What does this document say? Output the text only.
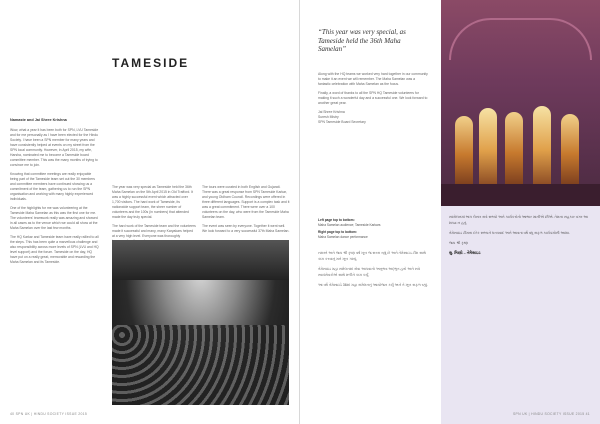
TAMESIDE

Namaste and Jai Shree Krishna

Wow, what a year it has been both for SPN, LVU Tameside and for me personally as I have been elected for the Hindu Society. I have been a SPN member for many years and have consistently helped at events on my street from the SPN local community. However, in April 2015, my wife, Harsha, nominated me to become a Tameside board committee member. This was the many months of trying to convince me to join.

Knowing that committee meetings are really enjoyable being part of the Tameside team set out the 30 members and committee members have continued showing us a commitment of the team, gathering us to run the SPN organisation and working with many highly experienced individuals.

One of the highlights for me was volunteering at the Tameside Maha Samelan as this was the first one for me. The volunteers' teamwork really was amazing and showed in all cases as to the venue which we could all show at the Maha Samelan over the last few months.

The HQ Karkar and Tameside team have really rallied to all the steps. This has been quite a marvellous challenge and also responsibility across more levels of SPN (LVU and HQ level support) and the forum. Tameside on the day, HQ have put on a really great, memorable and rewarding the Maha Samelan and its Tameside.

The year was very special as Tameside held the 36th Maha Samelan on the 5th April 2015 in Old Trafford. It was a highly successful event which attracted over 1,700 visitors. The hard work of Tameside, its nationwide support team, the sheer number of volunteers and the 100s (in numbers) that attended made the day truly special.

The hard work of the Tameside team and the volunteers made it successful and many, many Karyakars helped at a very high level. Everyone was thoroughly

The tours were curated in both English and Gujarati. There was a great response from SPN Tameside Karkar, and young Oldham Council. Recordings were offered in three different languages. Support is a complex task and it was a great commitment. There were over a 100 volunteers on the day, who were from the Tameside Maha Samelan team.

The event was seen by everyone. Together it went well. We look forward to a very successful 37th Maha Samelan.

40 SPN UK | HINDU SOCIETY ISSUE 2015
“This year was very special, as Tameside held the 36th Maha Samelan”

Along with the HQ teams we worked very hard together in our community to make it an event we will remember. The Maha Samelan was a fantastic celebration with Maha Samelan as the focus.

Finally, a word of thanks to all the SPN HQ Tameside volunteers for making it such a wonderful day and a successful one. We look forward to another great year.

Jai Shree Krishna
Suresh Mistry
SPN Tameside Board Secretary

Left page top to bottom:
Maha Samelan audience; Tameside Karkars
Right page top to bottom:
Maha Samelan dance performance

નમસ્તે અને જય શ્રી કૃષ્ણ વર્ષ ખૂબ જ સરસ રહ્યું છે અને તેમેસાઇડ ટીમ સાથે કામ કરવાનું મને ખૂબ ગમ્યું.

તેમેસાઇડ મહા સમેલનમાં સેવા આપવાનો અનુભવ અદ્ભુત હતો અને સવે સ્વયંસેવકોએ સાથે મળીને કામ કર્યું.

આ વર્ષે તેમેસાઇડે 36માં મહા સમેલનનું આયોજન કર્યું અને તે ખૂબ સફળ રહ્યું.

સમ્મેલનમાં ભાગ લેનાર સવે સભ્યો અને કાર્યકરોનો આભાર માનીએ છીએ. તેમના સહકાર વગર આ શક્ય ન હતું.

તેમેસાઇડ ટીમના દરેક સભ્યને ધન્યવાદ અને આવતા વર્ષે વધુ સફળ કાર્યક્રમોની આશા.

જય શ્રી કૃષ્ણ

સુ. મિસ્ત્રી – તેમેસાઇડ

SPN UK | HINDU SOCIETY ISSUE 2015 41
